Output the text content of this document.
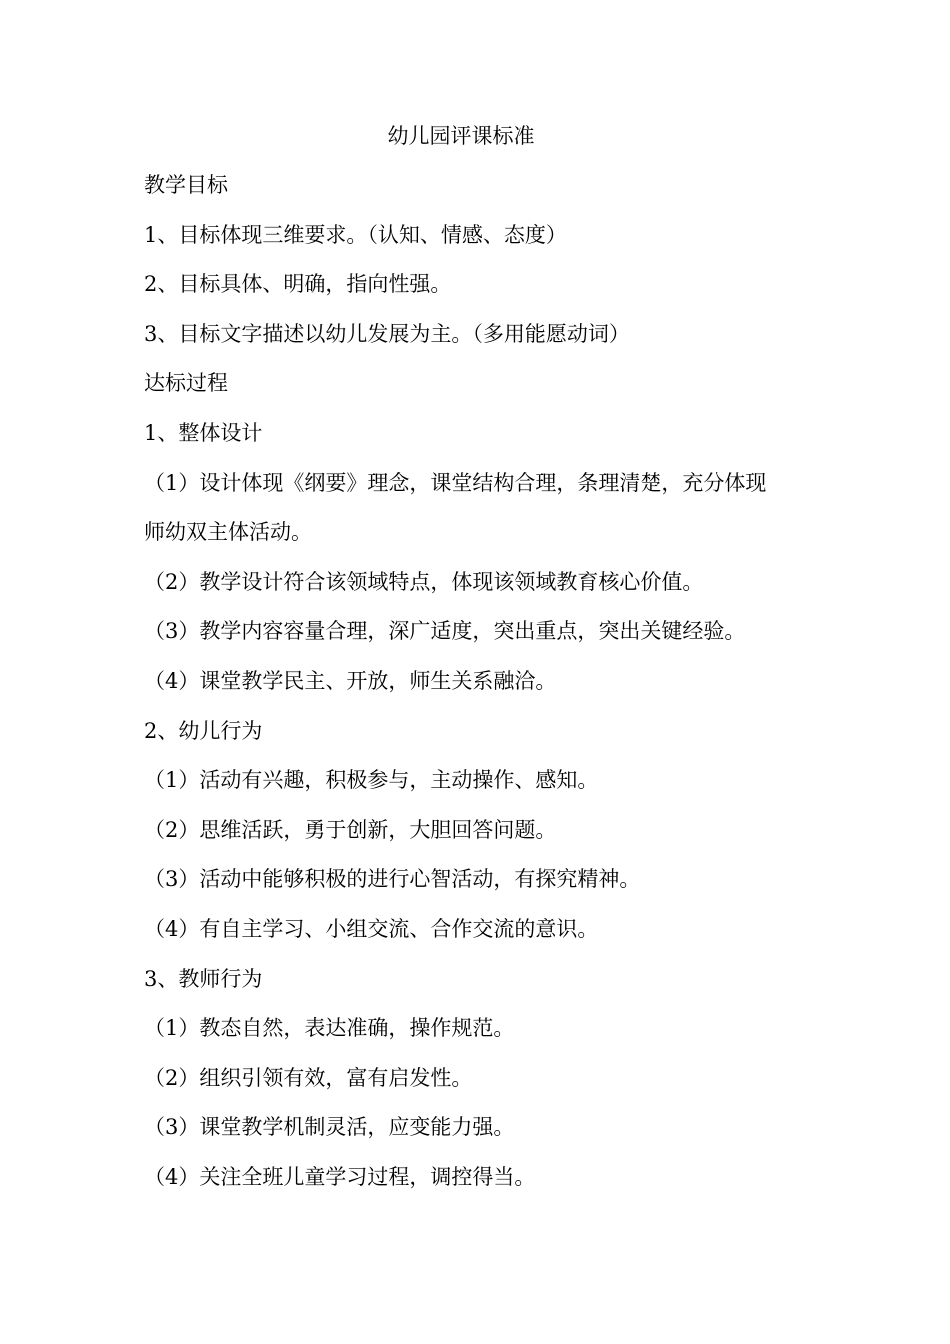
幼儿园评课标准
教学目标
1、目标体现三维要求。（认知、情感、态度）
2、目标具体、明确，指向性强。
3、目标文字描述以幼儿发展为主。（多用能愿动词）
达标过程
1、整体设计
（1）设计体现《纲要》理念，课堂结构合理，条理清楚，充分体现
师幼双主体活动。
（2）教学设计符合该领域特点，体现该领域教育核心价值。
（3）教学内容容量合理，深广适度，突出重点，突出关键经验。
（4）课堂教学民主、开放，师生关系融洽。
2、幼儿行为
（1）活动有兴趣，积极参与，主动操作、感知。
（2）思维活跃，勇于创新，大胆回答问题。
（3）活动中能够积极的进行心智活动，有探究精神。
（4）有自主学习、小组交流、合作交流的意识。
3、教师行为
（1）教态自然，表达准确，操作规范。
（2）组织引领有效，富有启发性。
（3）课堂教学机制灵活，应变能力强。
（4）关注全班儿童学习过程，调控得当。
